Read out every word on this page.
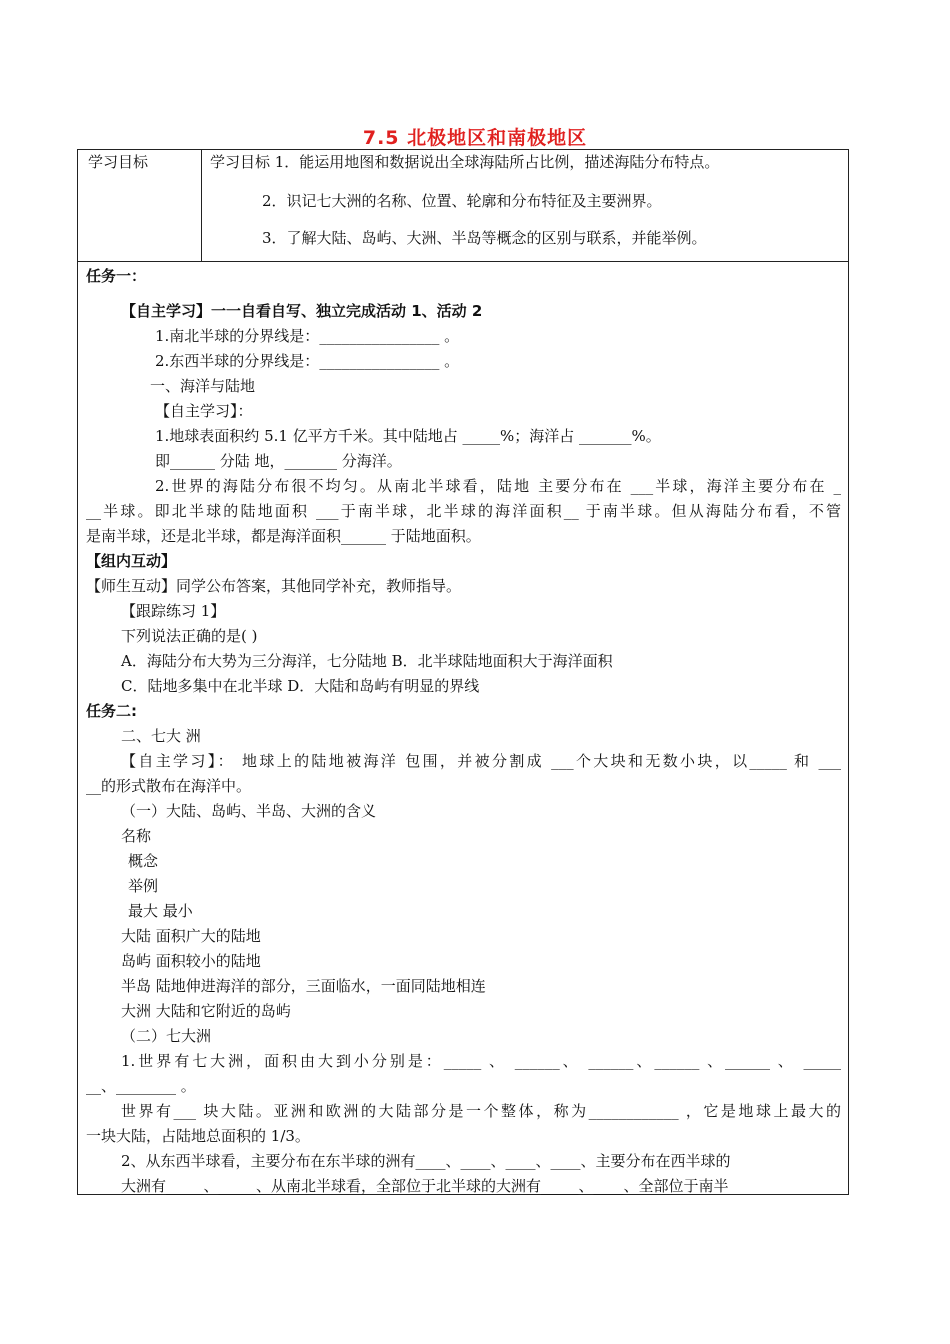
7.5 北极地区和南极地区
学习目标	学习目标 1．能运用地图和数据说出全球海陆所占比例，描述海陆分布特点。
2．识记七大洲的名称、位置、轮廓和分布特征及主要洲界。
3．了解大陆、岛屿、大洲、半岛等概念的区别与联系，并能举例。
任务一：
【自主学习】一一自看自写、独立完成活动 1、活动 2
1.南北半球的分界线是：________________ 。
2.东西半球的分界线是：________________ 。
一、海洋与陆地
【自主学习】：
1.地球表面积约 5.1 亿平方千米。其中陆地占 _____%；海洋占 _______%。
即______ 分陆 地，_______ 分海洋。
2.世界的海陆分布很不均匀。从南北半球看，陆地 主要分布在 ___半球，海洋主要分布在 _
__半球。即北半球的陆地面积 ___于南半球，北半球的海洋面积__ 于南半球。但从海陆分布看，不管
是南半球，还是北半球，都是海洋面积______ 于陆地面积。
【组内互动】
【师生互动】同学公布答案，其他同学补充，教师指导。
【跟踪练习 1】
下列说法正确的是( )
A．海陆分布大势为三分海洋，七分陆地 B．北半球陆地面积大于海洋面积
C．陆地多集中在北半球 D．大陆和岛屿有明显的界线
任务二:
二、七大 洲
【自主学习】： 地球上的陆地被海洋 包围，并被分割成 ___个大块和无数小块，以_____ 和 ___
__的形式散布在海洋中。
（一）大陆、岛屿、半岛、大洲的含义
名称
概念
举例
最大 最小
大陆 面积广大的陆地
岛屿 面积较小的陆地
半岛 陆地伸进海洋的部分，三面临水，一面同陆地相连
大洲 大陆和它附近的岛屿
（二）七大洲
1.世界有七大洲，面积由大到小分别是：_____ 、 ______、 ______、______ 、______ 、 _____
__、________ 。
世界有___ 块大陆。亚洲和欧洲的大陆部分是一个整体，称为____________ ，它是地球上最大的
一块大陆，占陆地总面积的 1/3。
2、从东西半球看，主要分布在东半球的洲有____、____、____、____、主要分布在西半球的
大洲有_____、_____、从南北半球看，全部位于北半球的大洲有_____、____、全部位于南半
